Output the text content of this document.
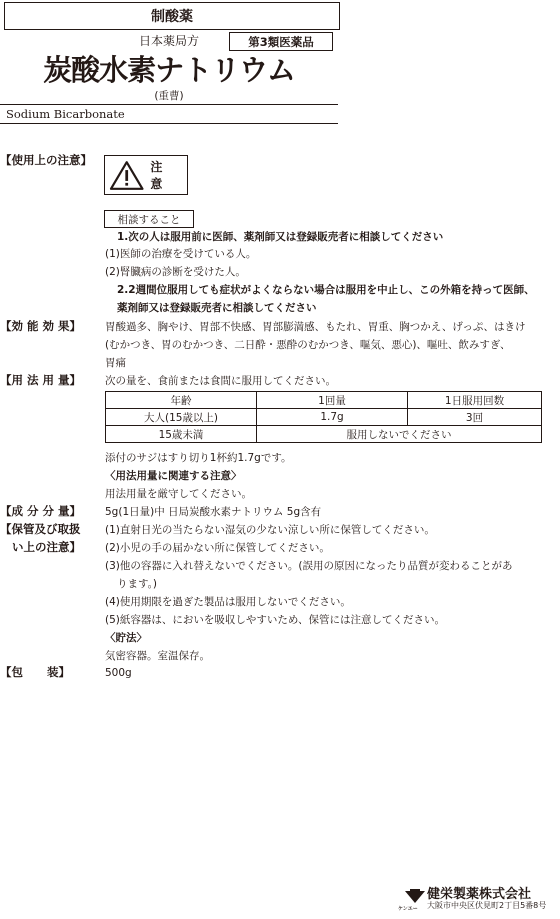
制酸薬
日本薬局方	第3類医薬品
炭酸水素ナトリウム
(重曹)
Sodium Bicarbonate
【使用上の注意】	注 意
相談すること
1.次の人は服用前に医師、薬剤師又は登録販売者に相談してください
(1)医師の治療を受けている人。
(2)腎臓病の診断を受けた人。
2.2週間位服用しても症状がよくならない場合は服用を中止し、この外箱を持って医師、
薬剤師又は登録販売者に相談してください
【効 能 効 果】 胃酸過多、胸やけ、胃部不快感、胃部膨満感、もたれ、胃重、胸つかえ、げっぷ、はきけ
(むかつき、胃のむかつき、二日酔・悪酔のむかつき、嘔気、悪心)、嘔吐、飲みすぎ、
胃痛
【用 法 用 量】 次の量を、食前または食間に服用してください。
年齢	1回量	1日服用回数
大人(15歳以上)	1.7g	3回
15歳未満	服用しないでください	
添付のサジはすり切り1杯約1.7gです。
〈用法用量に関連する注意〉
用法用量を厳守してください。
【成 分 分 量】 5g(1日量)中 日局炭酸水素ナトリウム 5g含有
【保管及び取扱
い上の注意】
(1)直射日光の当たらない湿気の少ない涼しい所に保管してください。
(2)小児の手の届かない所に保管してください。
(3)他の容器に入れ替えないでください。(誤用の原因になったり品質が変わることがあ
ります。)
(4)使用期限を過ぎた製品は服用しないでください。
(5)紙容器は、においを吸収しやすいため、保管には注意してください。
〈貯法〉
気密容器。室温保存。
【包      装】	500g
ケンエー
健栄製薬株式会社
大阪市中央区伏見町2丁目5番8号
